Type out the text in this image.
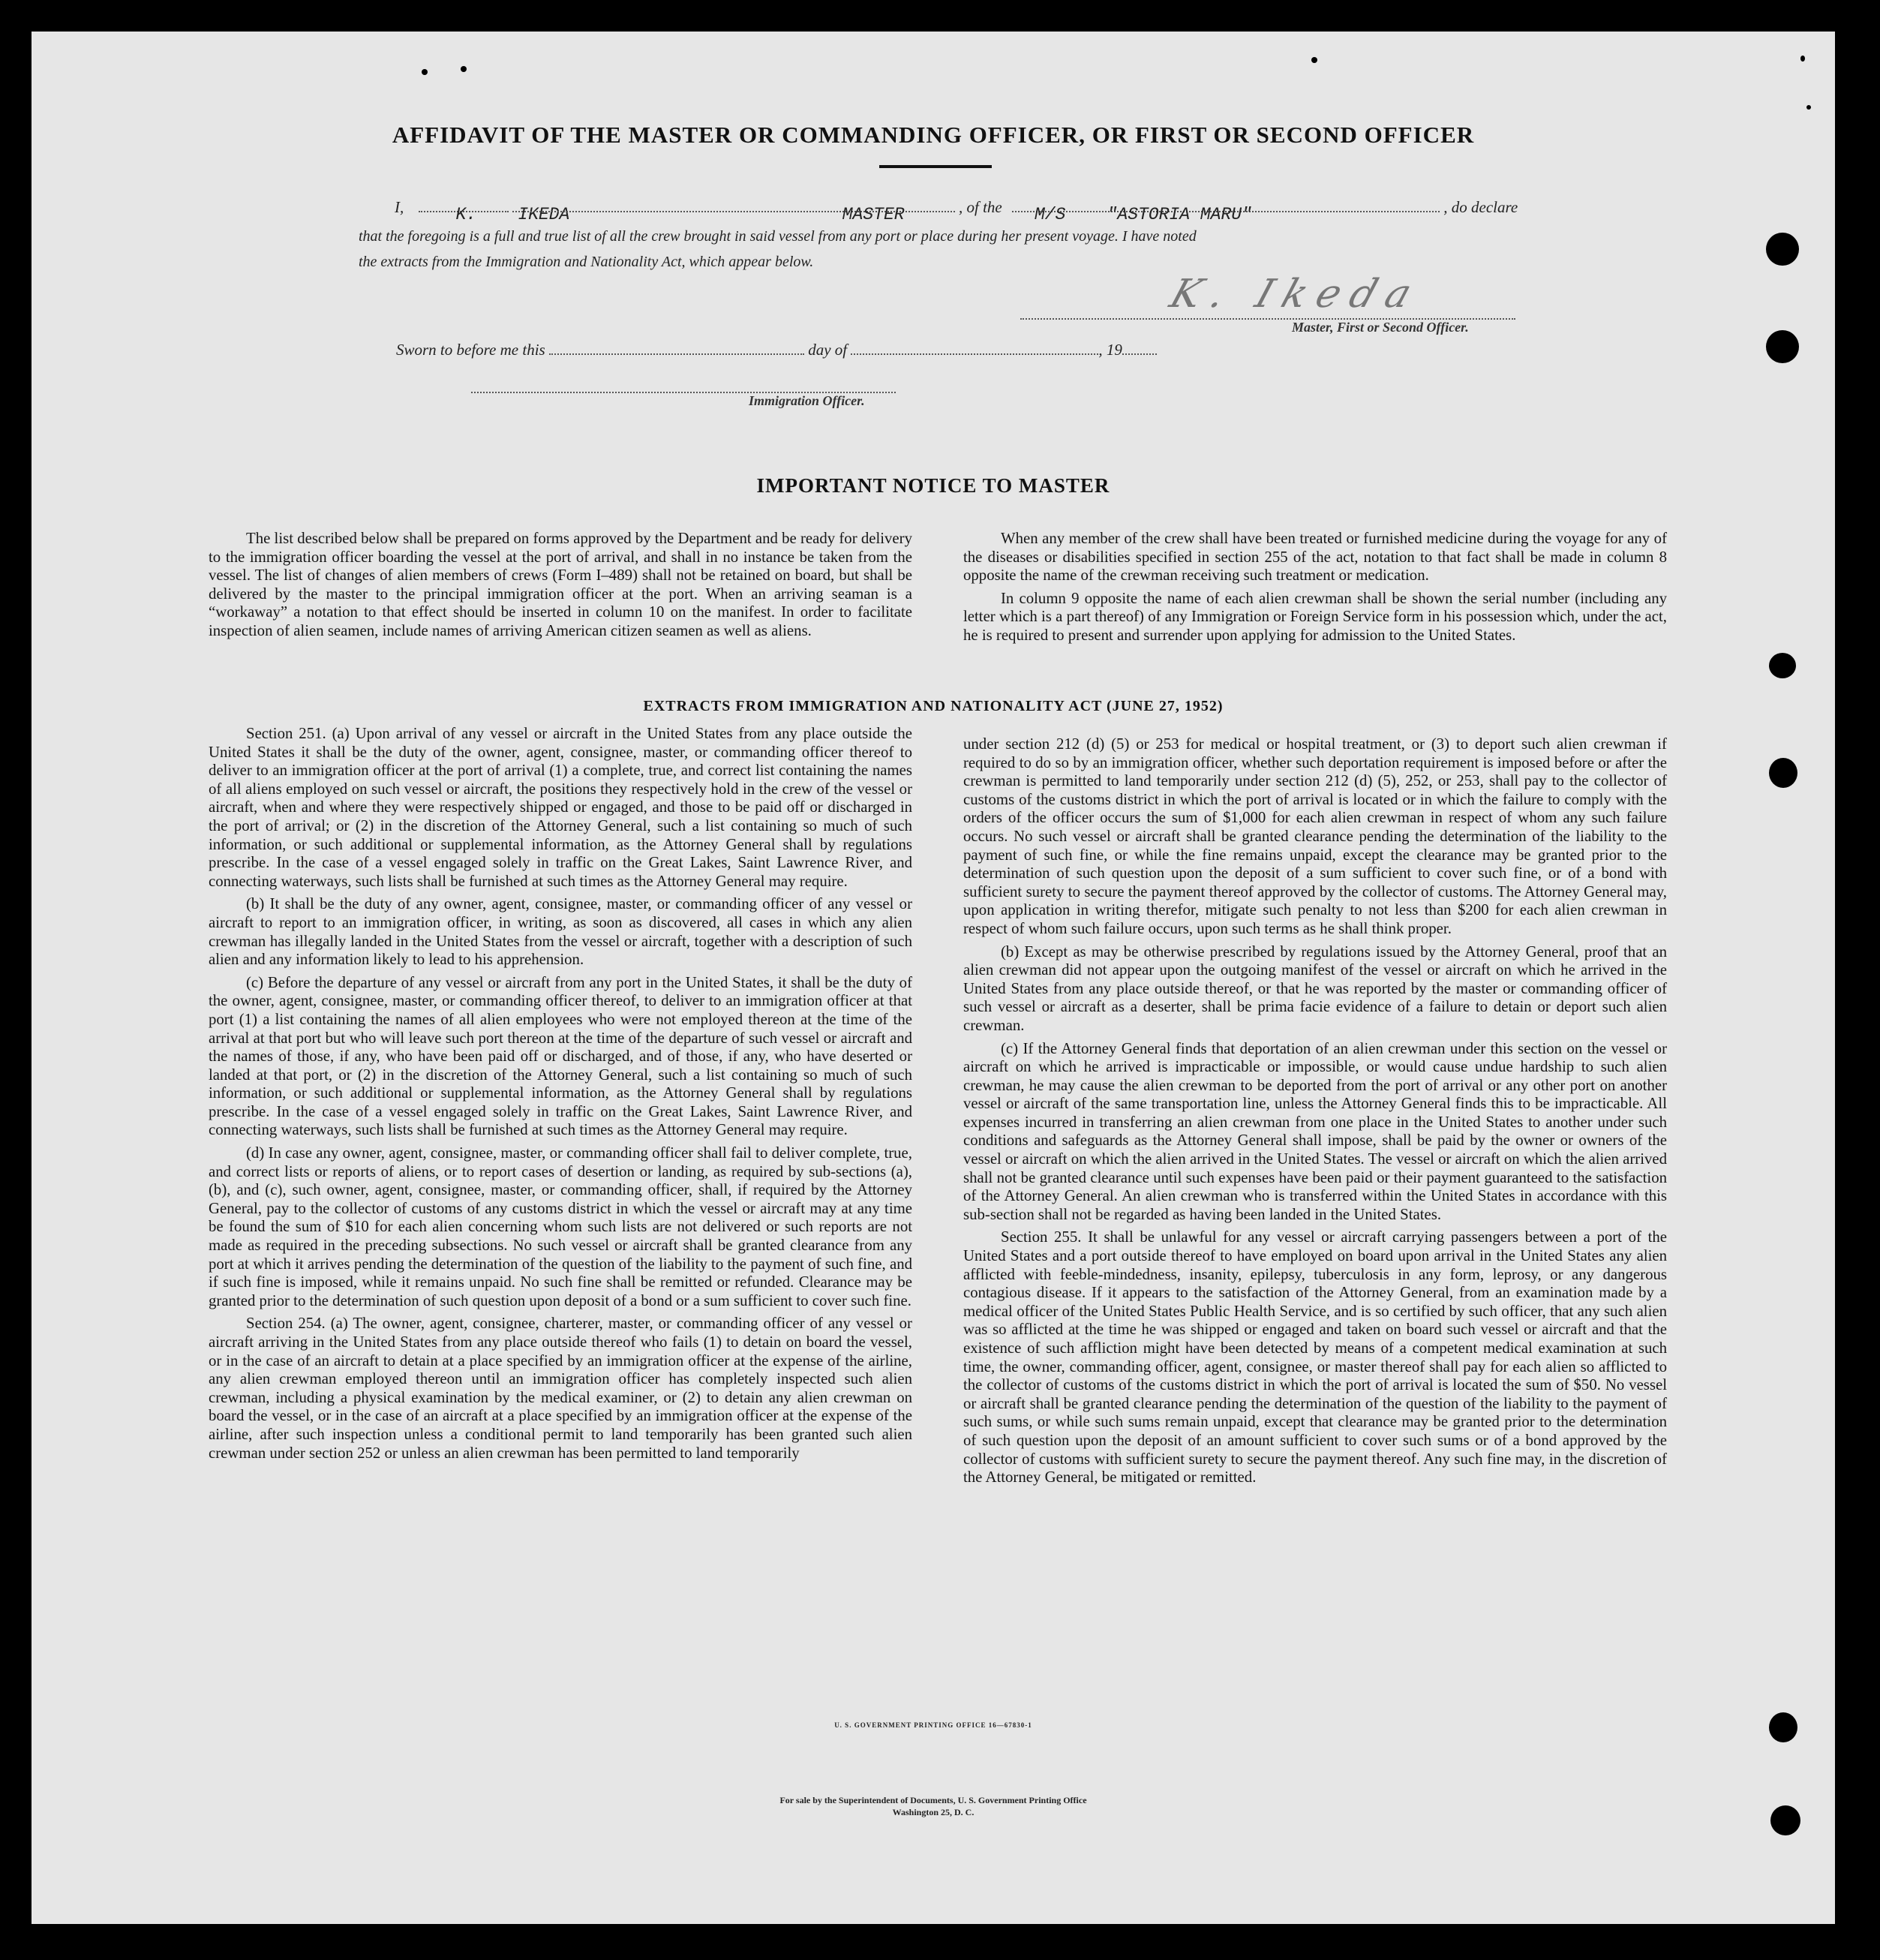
AFFIDAVIT OF THE MASTER OR COMMANDING OFFICER, OR FIRST OR SECOND OFFICER
I,	K.    IKEDA
	MASTER	, of the M/S    "ASTORIA MARU"	, do declare
that the foregoing is a full and true list of all the crew brought in said vessel from any port or place during her present voyage. I have noted
the extracts from the Immigration and Nationality Act, which appear below.
K. Ikeda
Master, First or Second Officer.
Sworn to before me this	day of	, 19
Immigration Officer.
IMPORTANT NOTICE TO MASTER

The list described below shall be prepared on forms approved by the Department and be ready for delivery to the immigration officer boarding the vessel at the port of arrival, and shall in no instance be taken from the vessel. The list of changes of alien members of crews (Form I–489) shall not be retained on board, but shall be delivered by the master to the principal immigration officer at the port. When an arriving seaman is a “workaway” a notation to that effect should be inserted in column 10 on the manifest. In order to facilitate inspection of alien seamen, include names of arriving American citizen seamen as well as aliens.

When any member of the crew shall have been treated or furnished medicine during the voyage for any of the diseases or disabilities specified in section 255 of the act, notation to that fact shall be made in column 8 opposite the name of the crewman receiving such treatment or medication.

In column 9 opposite the name of each alien crewman shall be shown the serial number (including any letter which is a part thereof) of any Immigration or Foreign Service form in his possession which, under the act, he is required to present and surrender upon applying for admission to the United States.

EXTRACTS FROM IMMIGRATION AND NATIONALITY ACT (JUNE 27, 1952)

Section 251. (a) Upon arrival of any vessel or aircraft in the United States from any place outside the United States it shall be the duty of the owner, agent, consignee, master, or commanding officer thereof to deliver to an immigration officer at the port of arrival (1) a complete, true, and correct list containing the names of all aliens employed on such vessel or aircraft, the positions they respectively hold in the crew of the vessel or aircraft, when and where they were respectively shipped or engaged, and those to be paid off or discharged in the port of arrival; or (2) in the discretion of the Attorney General, such a list containing so much of such information, or such additional or supplemental information, as the Attorney General shall by regulations prescribe. In the case of a vessel engaged solely in traffic on the Great Lakes, Saint Lawrence River, and connecting waterways, such lists shall be furnished at such times as the Attorney General may require.

(b) It shall be the duty of any owner, agent, consignee, master, or commanding officer of any vessel or aircraft to report to an immigration officer, in writing, as soon as discovered, all cases in which any alien crewman has illegally landed in the United States from the vessel or aircraft, together with a description of such alien and any information likely to lead to his apprehension.

(c) Before the departure of any vessel or aircraft from any port in the United States, it shall be the duty of the owner, agent, consignee, master, or commanding officer thereof, to deliver to an immigration officer at that port (1) a list containing the names of all alien employees who were not employed thereon at the time of the arrival at that port but who will leave such port thereon at the time of the departure of such vessel or aircraft and the names of those, if any, who have been paid off or discharged, and of those, if any, who have deserted or landed at that port, or (2) in the discretion of the Attorney General, such a list containing so much of such information, or such additional or supplemental information, as the Attorney General shall by regulations prescribe. In the case of a vessel engaged solely in traffic on the Great Lakes, Saint Lawrence River, and connecting waterways, such lists shall be furnished at such times as the Attorney General may require.

(d) In case any owner, agent, consignee, master, or commanding officer shall fail to deliver complete, true, and correct lists or reports of aliens, or to report cases of desertion or landing, as required by sub-sections (a), (b), and (c), such owner, agent, consignee, master, or commanding officer, shall, if required by the Attorney General, pay to the collector of customs of any customs district in which the vessel or aircraft may at any time be found the sum of $10 for each alien concerning whom such lists are not delivered or such reports are not made as required in the preceding subsections. No such vessel or aircraft shall be granted clearance from any port at which it arrives pending the determination of the question of the liability to the payment of such fine, and if such fine is imposed, while it remains unpaid. No such fine shall be remitted or refunded. Clearance may be granted prior to the determination of such question upon deposit of a bond or a sum sufficient to cover such fine.

Section 254. (a) The owner, agent, consignee, charterer, master, or commanding officer of any vessel or aircraft arriving in the United States from any place outside thereof who fails (1) to detain on board the vessel, or in the case of an aircraft to detain at a place specified by an immigration officer at the expense of the airline, any alien crewman employed thereon until an immigration officer has completely inspected such alien crewman, including a physical examination by the medical examiner, or (2) to detain any alien crewman on board the vessel, or in the case of an aircraft at a place specified by an immigration officer at the expense of the airline, after such inspection unless a conditional permit to land temporarily has been granted such alien crewman under section 252 or unless an alien crewman has been permitted to land temporarily

under section 212 (d) (5) or 253 for medical or hospital treatment, or (3) to deport such alien crewman if required to do so by an immigration officer, whether such deportation requirement is imposed before or after the crewman is permitted to land temporarily under section 212 (d) (5), 252, or 253, shall pay to the collector of customs of the customs district in which the port of arrival is located or in which the failure to comply with the orders of the officer occurs the sum of $1,000 for each alien crewman in respect of whom any such failure occurs. No such vessel or aircraft shall be granted clearance pending the determination of the liability to the payment of such fine, or while the fine remains unpaid, except the clearance may be granted prior to the determination of such question upon the deposit of a sum sufficient to cover such fine, or of a bond with sufficient surety to secure the payment thereof approved by the collector of customs. The Attorney General may, upon application in writing therefor, mitigate such penalty to not less than $200 for each alien crewman in respect of whom such failure occurs, upon such terms as he shall think proper.

(b) Except as may be otherwise prescribed by regulations issued by the Attorney General, proof that an alien crewman did not appear upon the outgoing manifest of the vessel or aircraft on which he arrived in the United States from any place outside thereof, or that he was reported by the master or commanding officer of such vessel or aircraft as a deserter, shall be prima facie evidence of a failure to detain or deport such alien crewman.

(c) If the Attorney General finds that deportation of an alien crewman under this section on the vessel or aircraft on which he arrived is impracticable or impossible, or would cause undue hardship to such alien crewman, he may cause the alien crewman to be deported from the port of arrival or any other port on another vessel or aircraft of the same transportation line, unless the Attorney General finds this to be impracticable. All expenses incurred in transferring an alien crewman from one place in the United States to another under such conditions and safeguards as the Attorney General shall impose, shall be paid by the owner or owners of the vessel or aircraft on which the alien arrived in the United States. The vessel or aircraft on which the alien arrived shall not be granted clearance until such expenses have been paid or their payment guaranteed to the satisfaction of the Attorney General. An alien crewman who is transferred within the United States in accordance with this sub-section shall not be regarded as having been landed in the United States.

Section 255. It shall be unlawful for any vessel or aircraft carrying passengers between a port of the United States and a port outside thereof to have employed on board upon arrival in the United States any alien afflicted with feeble-mindedness, insanity, epilepsy, tuberculosis in any form, leprosy, or any dangerous contagious disease. If it appears to the satisfaction of the Attorney General, from an examination made by a medical officer of the United States Public Health Service, and is so certified by such officer, that any such alien was so afflicted at the time he was shipped or engaged and taken on board such vessel or aircraft and that the existence of such affliction might have been detected by means of a competent medical examination at such time, the owner, commanding officer, agent, consignee, or master thereof shall pay for each alien so afflicted to the collector of customs of the customs district in which the port of arrival is located the sum of $50. No vessel or aircraft shall be granted clearance pending the determination of the question of the liability to the payment of such sums, or while such sums remain unpaid, except that clearance may be granted prior to the determination of such question upon the deposit of an amount sufficient to cover such sums or of a bond approved by the collector of customs with sufficient surety to secure the payment thereof. Any such fine may, in the discretion of the Attorney General, be mitigated or remitted.

U. S. GOVERNMENT PRINTING OFFICE 16—67830-1
For sale by the Superintendent of Documents, U. S. Government Printing Office
Washington 25, D. C.
